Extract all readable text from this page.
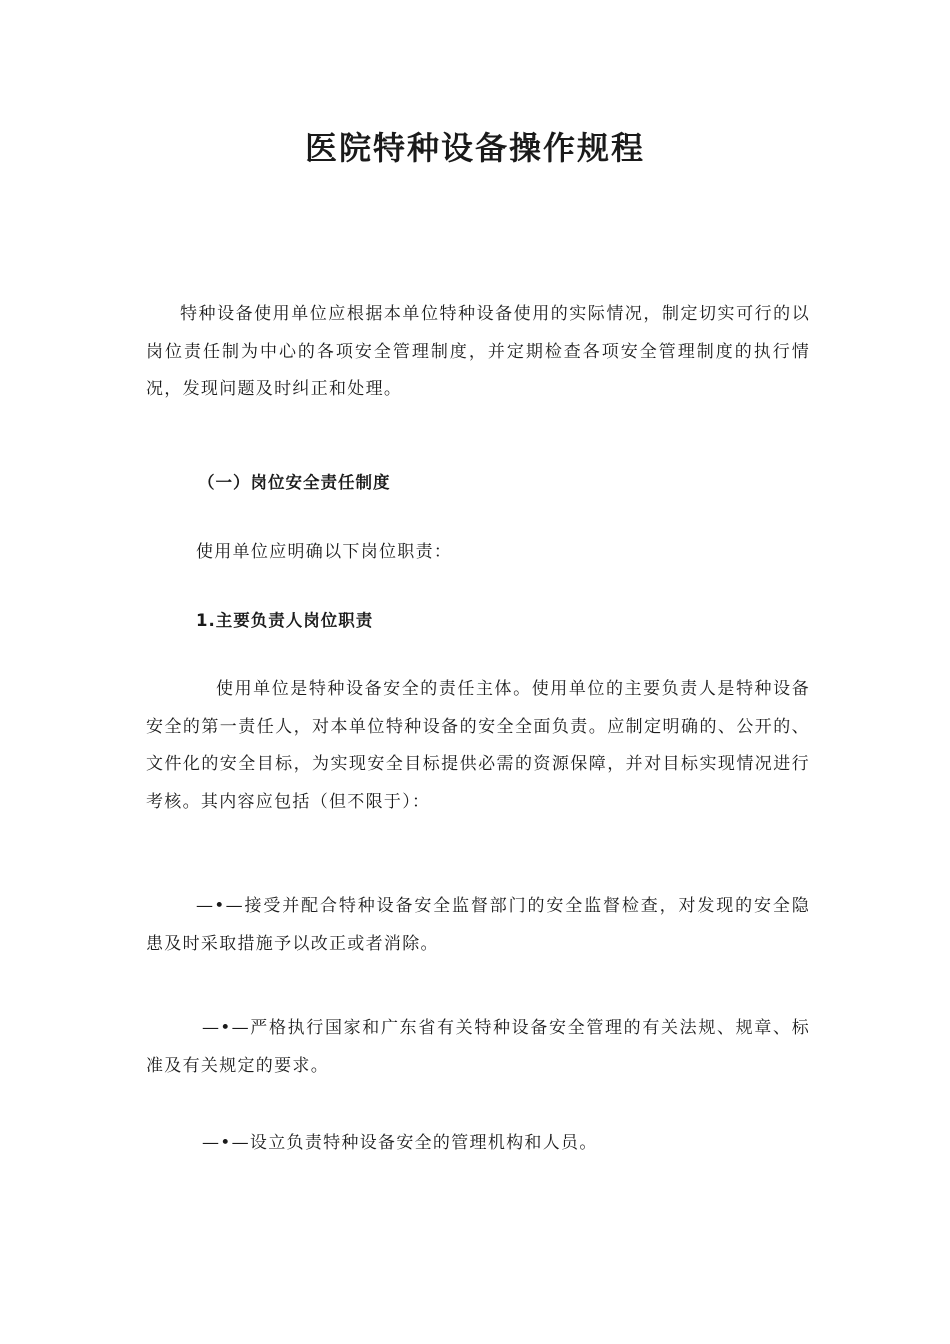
医院特种设备操作规程
特种设备使用单位应根据本单位特种设备使用的实际情况，制定切实可行的以岗位责任制为中心的各项安全管理制度，并定期检查各项安全管理制度的执行情况，发现问题及时纠正和处理。
（一）岗位安全责任制度
使用单位应明确以下岗位职责：
1.主要负责人岗位职责
使用单位是特种设备安全的责任主体。使用单位的主要负责人是特种设备安全的第一责任人，对本单位特种设备的安全全面负责。应制定明确的、公开的、文件化的安全目标，为实现安全目标提供必需的资源保障，并对目标实现情况进行考核。其内容应包括（但不限于）：
—•—接受并配合特种设备安全监督部门的安全监督检查，对发现的安全隐患及时采取措施予以改正或者消除。
—•—严格执行国家和广东省有关特种设备安全管理的有关法规、规章、标准及有关规定的要求。
—•—设立负责特种设备安全的管理机构和人员。
